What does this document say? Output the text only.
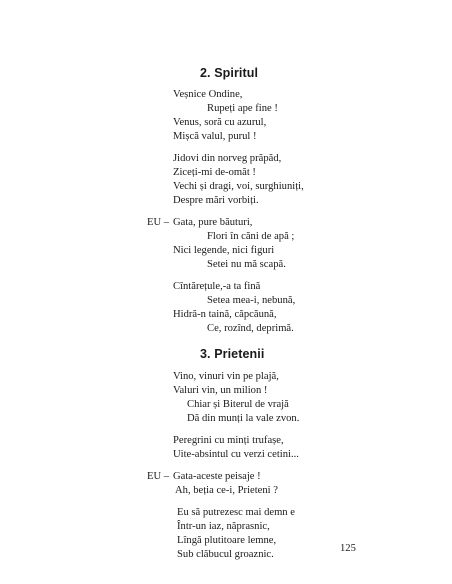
2. Spiritul
Veșnice Ondine,
Rupeți ape fine !
Venus, soră cu azurul,
Mișcă valul, purul !
Jidovi din norveg prăpăd,
Ziceți-mi de-omăt !
Vechi și dragi, voi, surghiuniți,
Despre mări vorbiți.
EU – Gata, pure băuturi,
Flori în căni de apă ;
Nici legende, nici figuri
Setei nu mă scapă.
Cîntărețule,-a ta fină
Setea mea-i, nebună,
Hidră-n taină, căpcăună,
Ce, rozînd, deprimă.
3. Prietenii
Vino, vinuri vin pe plajă,
Valuri vin, un milion !
Chiar și Biterul de vrajă
Dă din munți la vale zvon.
Peregrini cu minți trufașe,
Uite-absintul cu verzi cetini...
EU – Gata-aceste peisaje !
Ah, beția ce-i, Prieteni ?
Eu să putrezesc mai demn e
Într-un iaz, năprasnic,
Lîngă plutitoare lemne,
Sub clăbucul groaznic.
125
